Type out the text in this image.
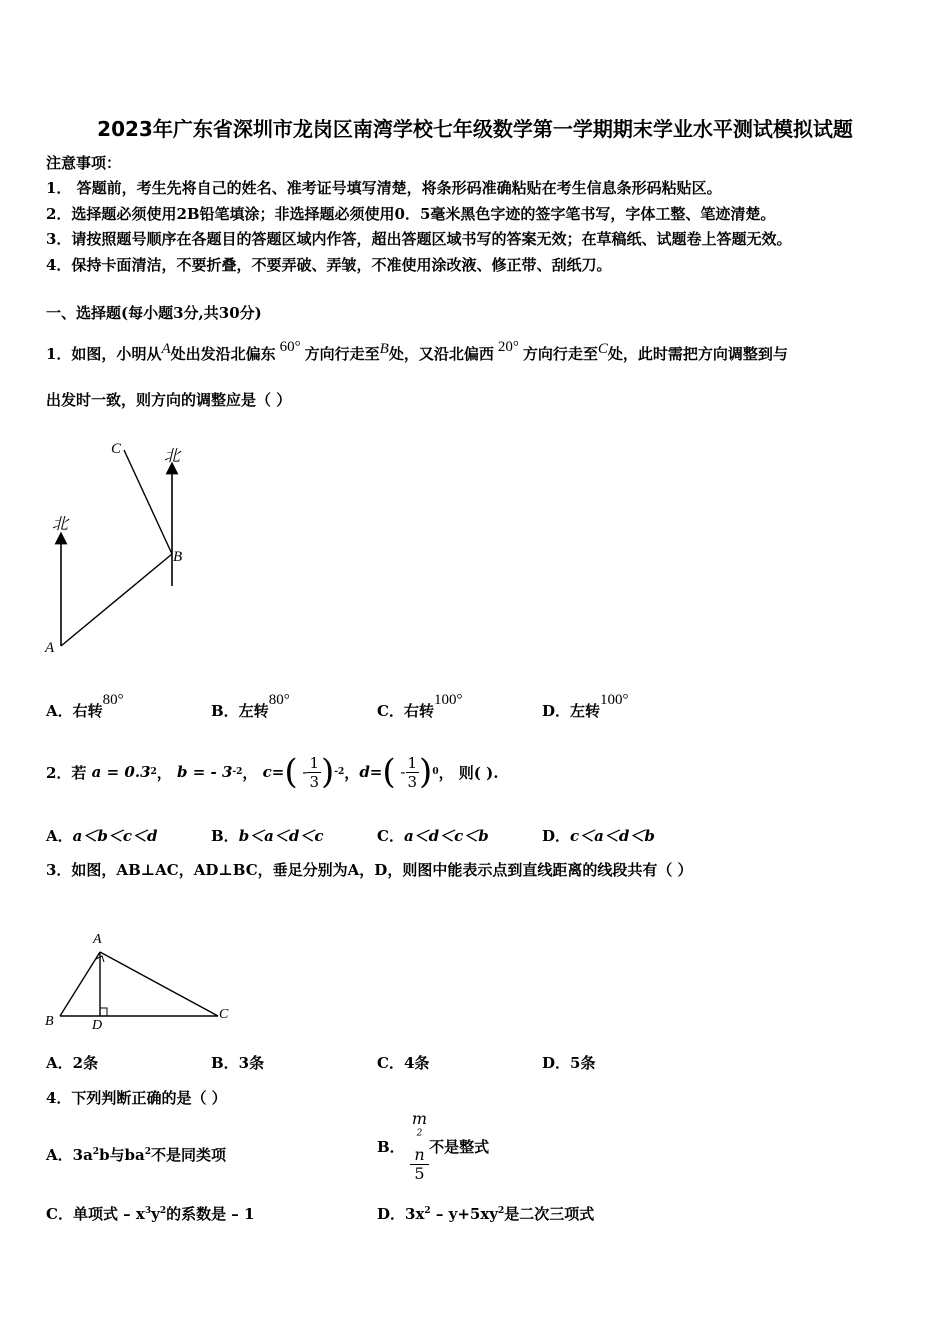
2023年广东省深圳市龙岗区南湾学校七年级数学第一学期期末学业水平测试模拟试题
注意事项：
1． 答题前，考生先将自己的姓名、准考证号填写清楚，将条形码准确粘贴在考生信息条形码粘贴区。
2．选择题必须使用2B铅笔填涂；非选择题必须使用0．5毫米黑色字迹的签字笔书写，字体工整、笔迹清楚。
3．请按照题号顺序在各题目的答题区域内作答，超出答题区域书写的答案无效；在草稿纸、试题卷上答题无效。
4．保持卡面清洁，不要折叠，不要弄破、弄皱，不准使用涂改液、修正带、刮纸刀。
一、选择题(每小题3分,共30分)
1．如图，小明从A处出发沿北偏东 60° 方向行走至B处，又沿北偏西 20° 方向行走至C处，此时需把方向调整到与
出发时一致，则方向的调整应是（ ）
北
北
A
B
C
A．右转80°
B．左转80°
C．右转100°
D．左转100°
2．若
a = 0.3 2 ，
b = - 3 -2 ，
c= (
- $\frac{1}{3}$ ) -2 ， d= (
- $\frac{1}{3}$ ) 0 ， 则( ).
A．a＜b＜c＜d	B．b＜a＜d＜c	C．a＜d＜c＜b	D．c＜a＜d＜b
3．如图，AB⊥AC，AD⊥BC，垂足分别为A，D，则图中能表示点到直线距离的线段共有（ ）
A
B	C
D
A．2条	B．3条	C．4条	D．5条
4．下列判断正确的是（ ）
A．$3a^2b$与$ba^2$不是同类项	B．
m
$^2$
n
5 不是整式
C．单项式 – $x^3y^2$的系数是 – 1	D．$3x^2 - y+5xy^2$是二次三项式
